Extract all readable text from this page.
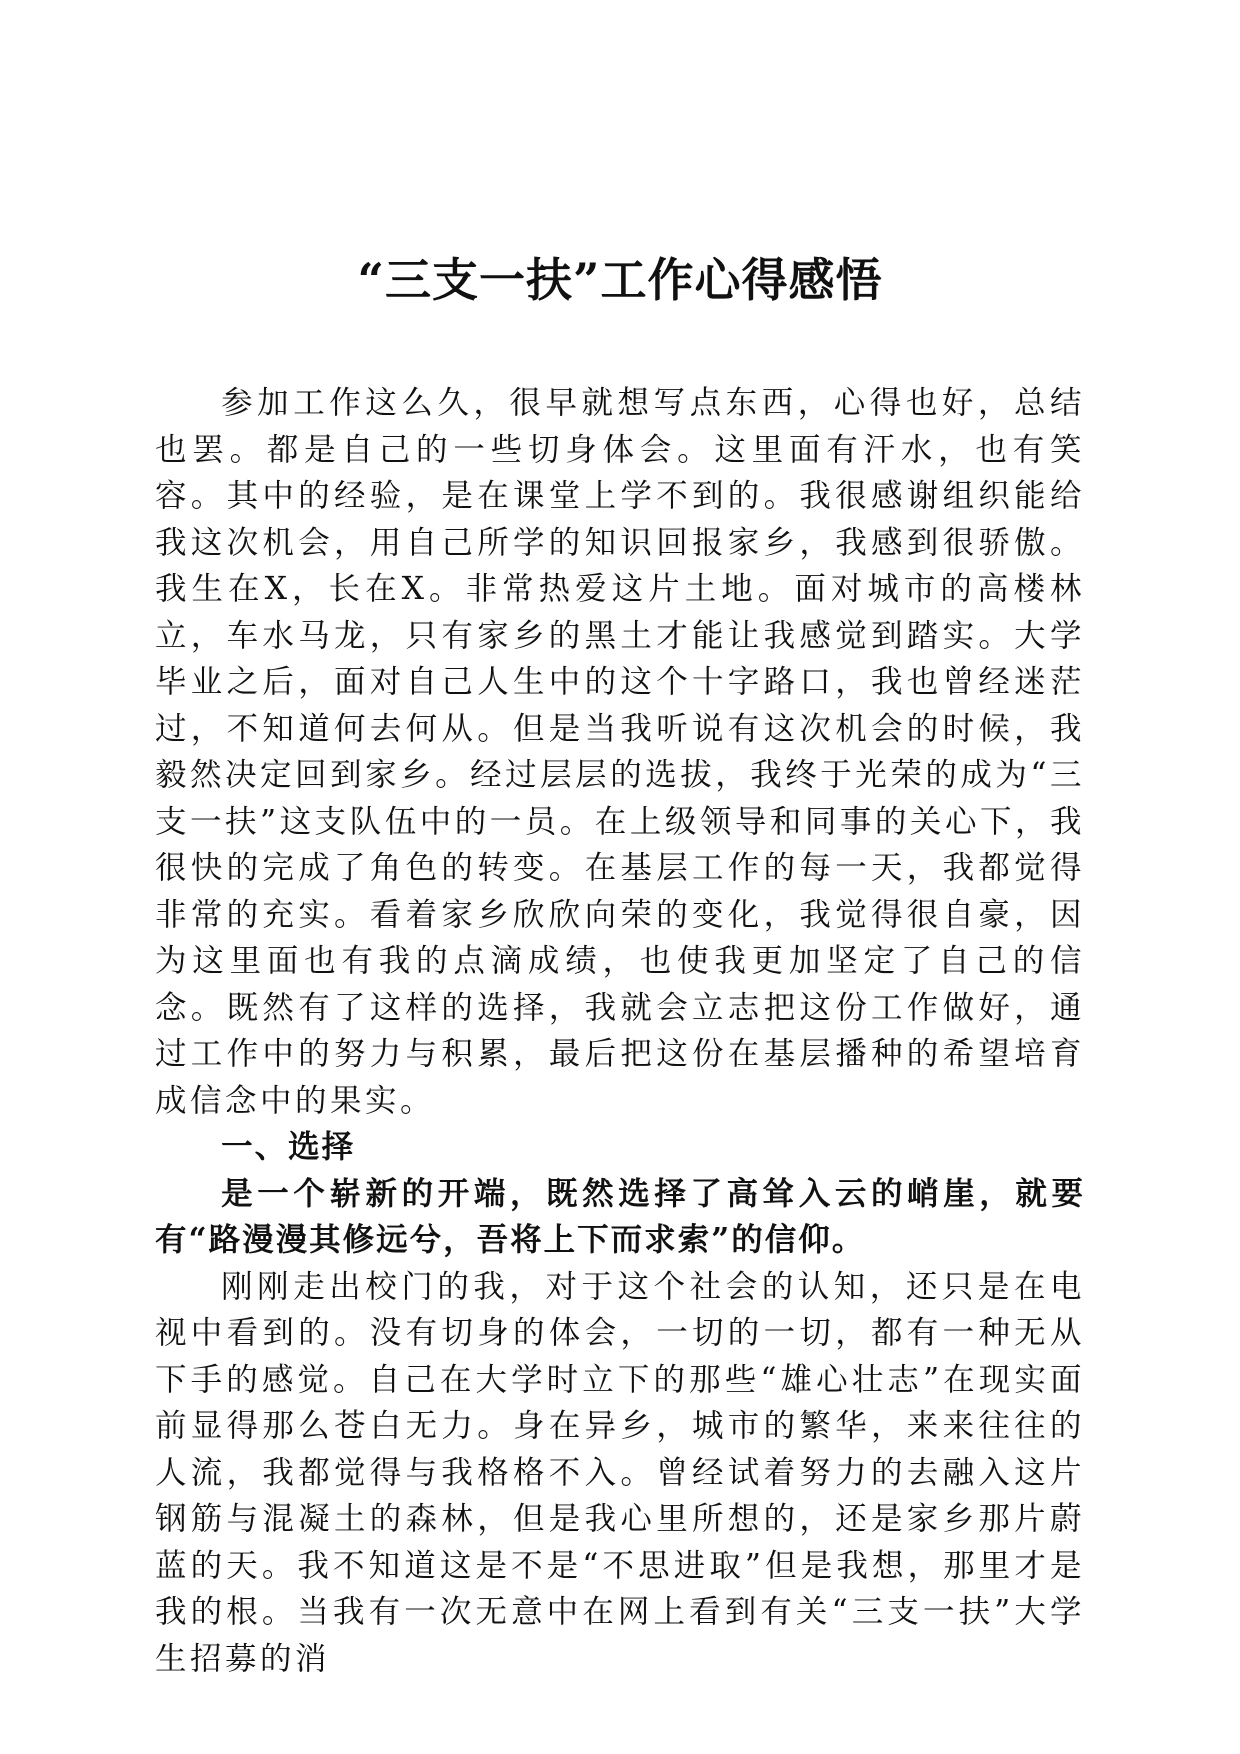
“三支一扶”工作心得感悟

参加工作这么久，很早就想写点东西，心得也好，总结也罢。都是自己的一些切身体会。这里面有汗水，也有笑容。其中的经验，是在课堂上学不到的。我很感谢组织能给我这次机会，用自己所学的知识回报家乡，我感到很骄傲。我生在X，长在X。非常热爱这片土地。面对城市的高楼林立，车水马龙，只有家乡的黑土才能让我感觉到踏实。大学毕业之后，面对自己人生中的这个十字路口，我也曾经迷茫过，不知道何去何从。但是当我听说有这次机会的时候，我毅然决定回到家乡。经过层层的选拔，我终于光荣的成为“三支一扶”这支队伍中的一员。在上级领导和同事的关心下，我很快的完成了角色的转变。在基层工作的每一天，我都觉得非常的充实。看着家乡欣欣向荣的变化，我觉得很自豪，因为这里面也有我的点滴成绩，也使我更加坚定了自己的信念。既然有了这样的选择，我就会立志把这份工作做好，通过工作中的努力与积累，最后把这份在基层播种的希望培育成信念中的果实。

一、选择

是一个崭新的开端，既然选择了高耸入云的峭崖，就要有“路漫漫其修远兮，吾将上下而求索”的信仰。

刚刚走出校门的我，对于这个社会的认知，还只是在电视中看到的。没有切身的体会，一切的一切，都有一种无从下手的感觉。自己在大学时立下的那些“雄心壮志”在现实面前显得那么苍白无力。身在异乡，城市的繁华，来来往往的人流，我都觉得与我格格不入。曾经试着努力的去融入这片钢筋与混凝土的森林，但是我心里所想的，还是家乡那片蔚蓝的天。我不知道这是不是“不思进取”但是我想，那里才是我的根。当我有一次无意中在网上看到有关“三支一扶”大学生招募的消
